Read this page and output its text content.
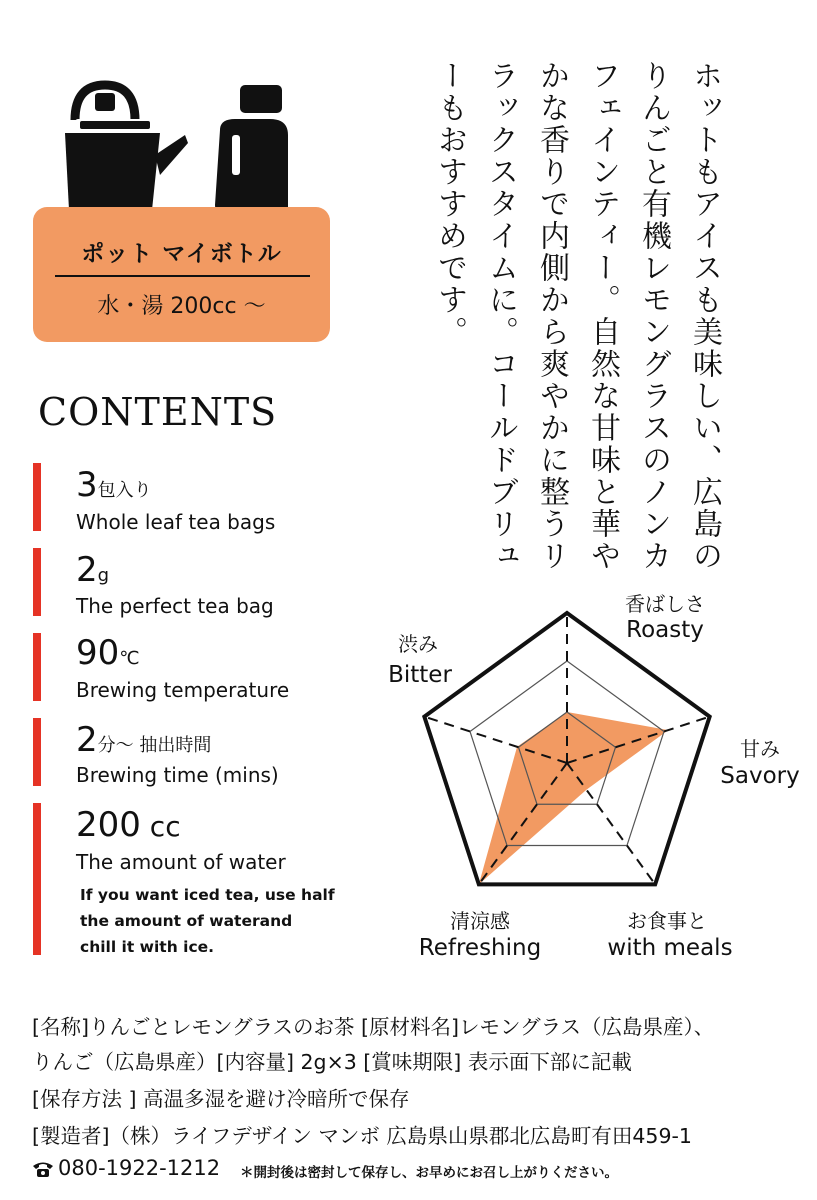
ポット マイボトル
水・湯 200cc ～	ホットもアイスも美味しい、広島のりんごと有機レモングラスのノンカフェインティー。自然な甘味と華やかな香りで内側から爽やかに整うリラックスタイムに。コールドブリューもおすすめです。
CONTENTS
3包入り
Whole leaf tea bags
2g
The perfect tea bag
90℃
Brewing temperature
2分～ 抽出時間
Brewing time (mins)
200 cc
The amount of water
If you want iced tea, use half
the amount of waterand
chill it with ice.
香ばしさ
Roasty
甘み
Savory
お食事と
with meals
清涼感
Refreshing
渋み
Bitter
[名称]りんごとレモングラスのお茶 [原材料名]レモングラス（広島県産）、
りんご（広島県産）[内容量] 2g×3 [賞味期限] 表示面下部に記載
[保存方法 ] 高温多湿を避け冷暗所で保存
[製造者]（株）ライフデザイン マンボ 広島県山県郡北広島町有田459-1
080-1922-1212 ＊開封後は密封して保存し、お早めにお召し上がりください。
